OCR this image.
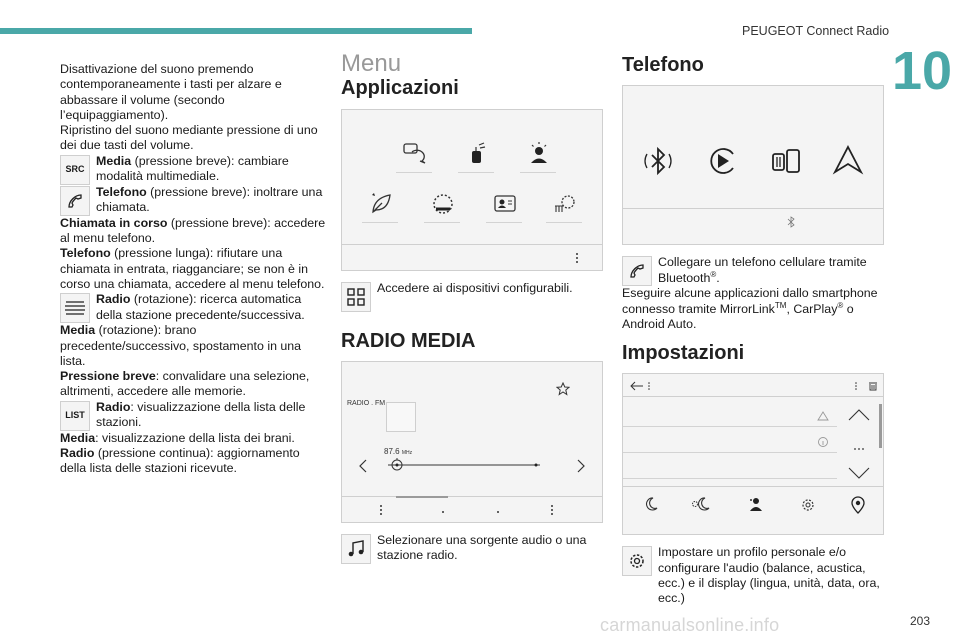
PEUGEOT Connect Radio
10

Disattivazione del suono premendo contemporaneamente i tasti per alzare e abbassare il volume (secondo l’equipaggiamento).

Ripristino del suono mediante pressione di uno dei due tasti del volume.

SRC

Media (pressione breve): cambiare modalità multimediale.

Telefono (pressione breve): inoltrare una chiamata.

Chiamata in corso (pressione breve): accedere al menu telefono.

Telefono (pressione lunga): rifiutare una chiamata in entrata, riagganciare; se non è in corso una chiamata, accedere al menu telefono.

Radio (rotazione): ricerca automatica della stazione precedente/successiva.

Media (rotazione): brano precedente/successivo, spostamento in una lista.

Pressione breve: convalidare una selezione, altrimenti, accedere alle memorie.

LIST

Radio: visualizzazione della lista delle stazioni.

Media: visualizzazione della lista dei brani.

Radio (pressione continua): aggiornamento della lista delle stazioni ricevute.

Menu
Applicazioni

Accedere ai dispositivi configurabili.

RADIO MEDIA
RADIO . FM
87.6 MHz

Selezionare una sorgente audio o una stazione radio.

Telefono

Collegare un telefono cellulare tramite Bluetooth®.

Eseguire alcune applicazioni dallo smartphone connesso tramite MirrorLink™, CarPlay® o Android Auto.

Impostazioni

Impostare un profilo personale e/o configurare l'audio (balance, acustica, ecc.) e il display (lingua, unità, data, ora, ecc.)

carmanualsonline.info	203
